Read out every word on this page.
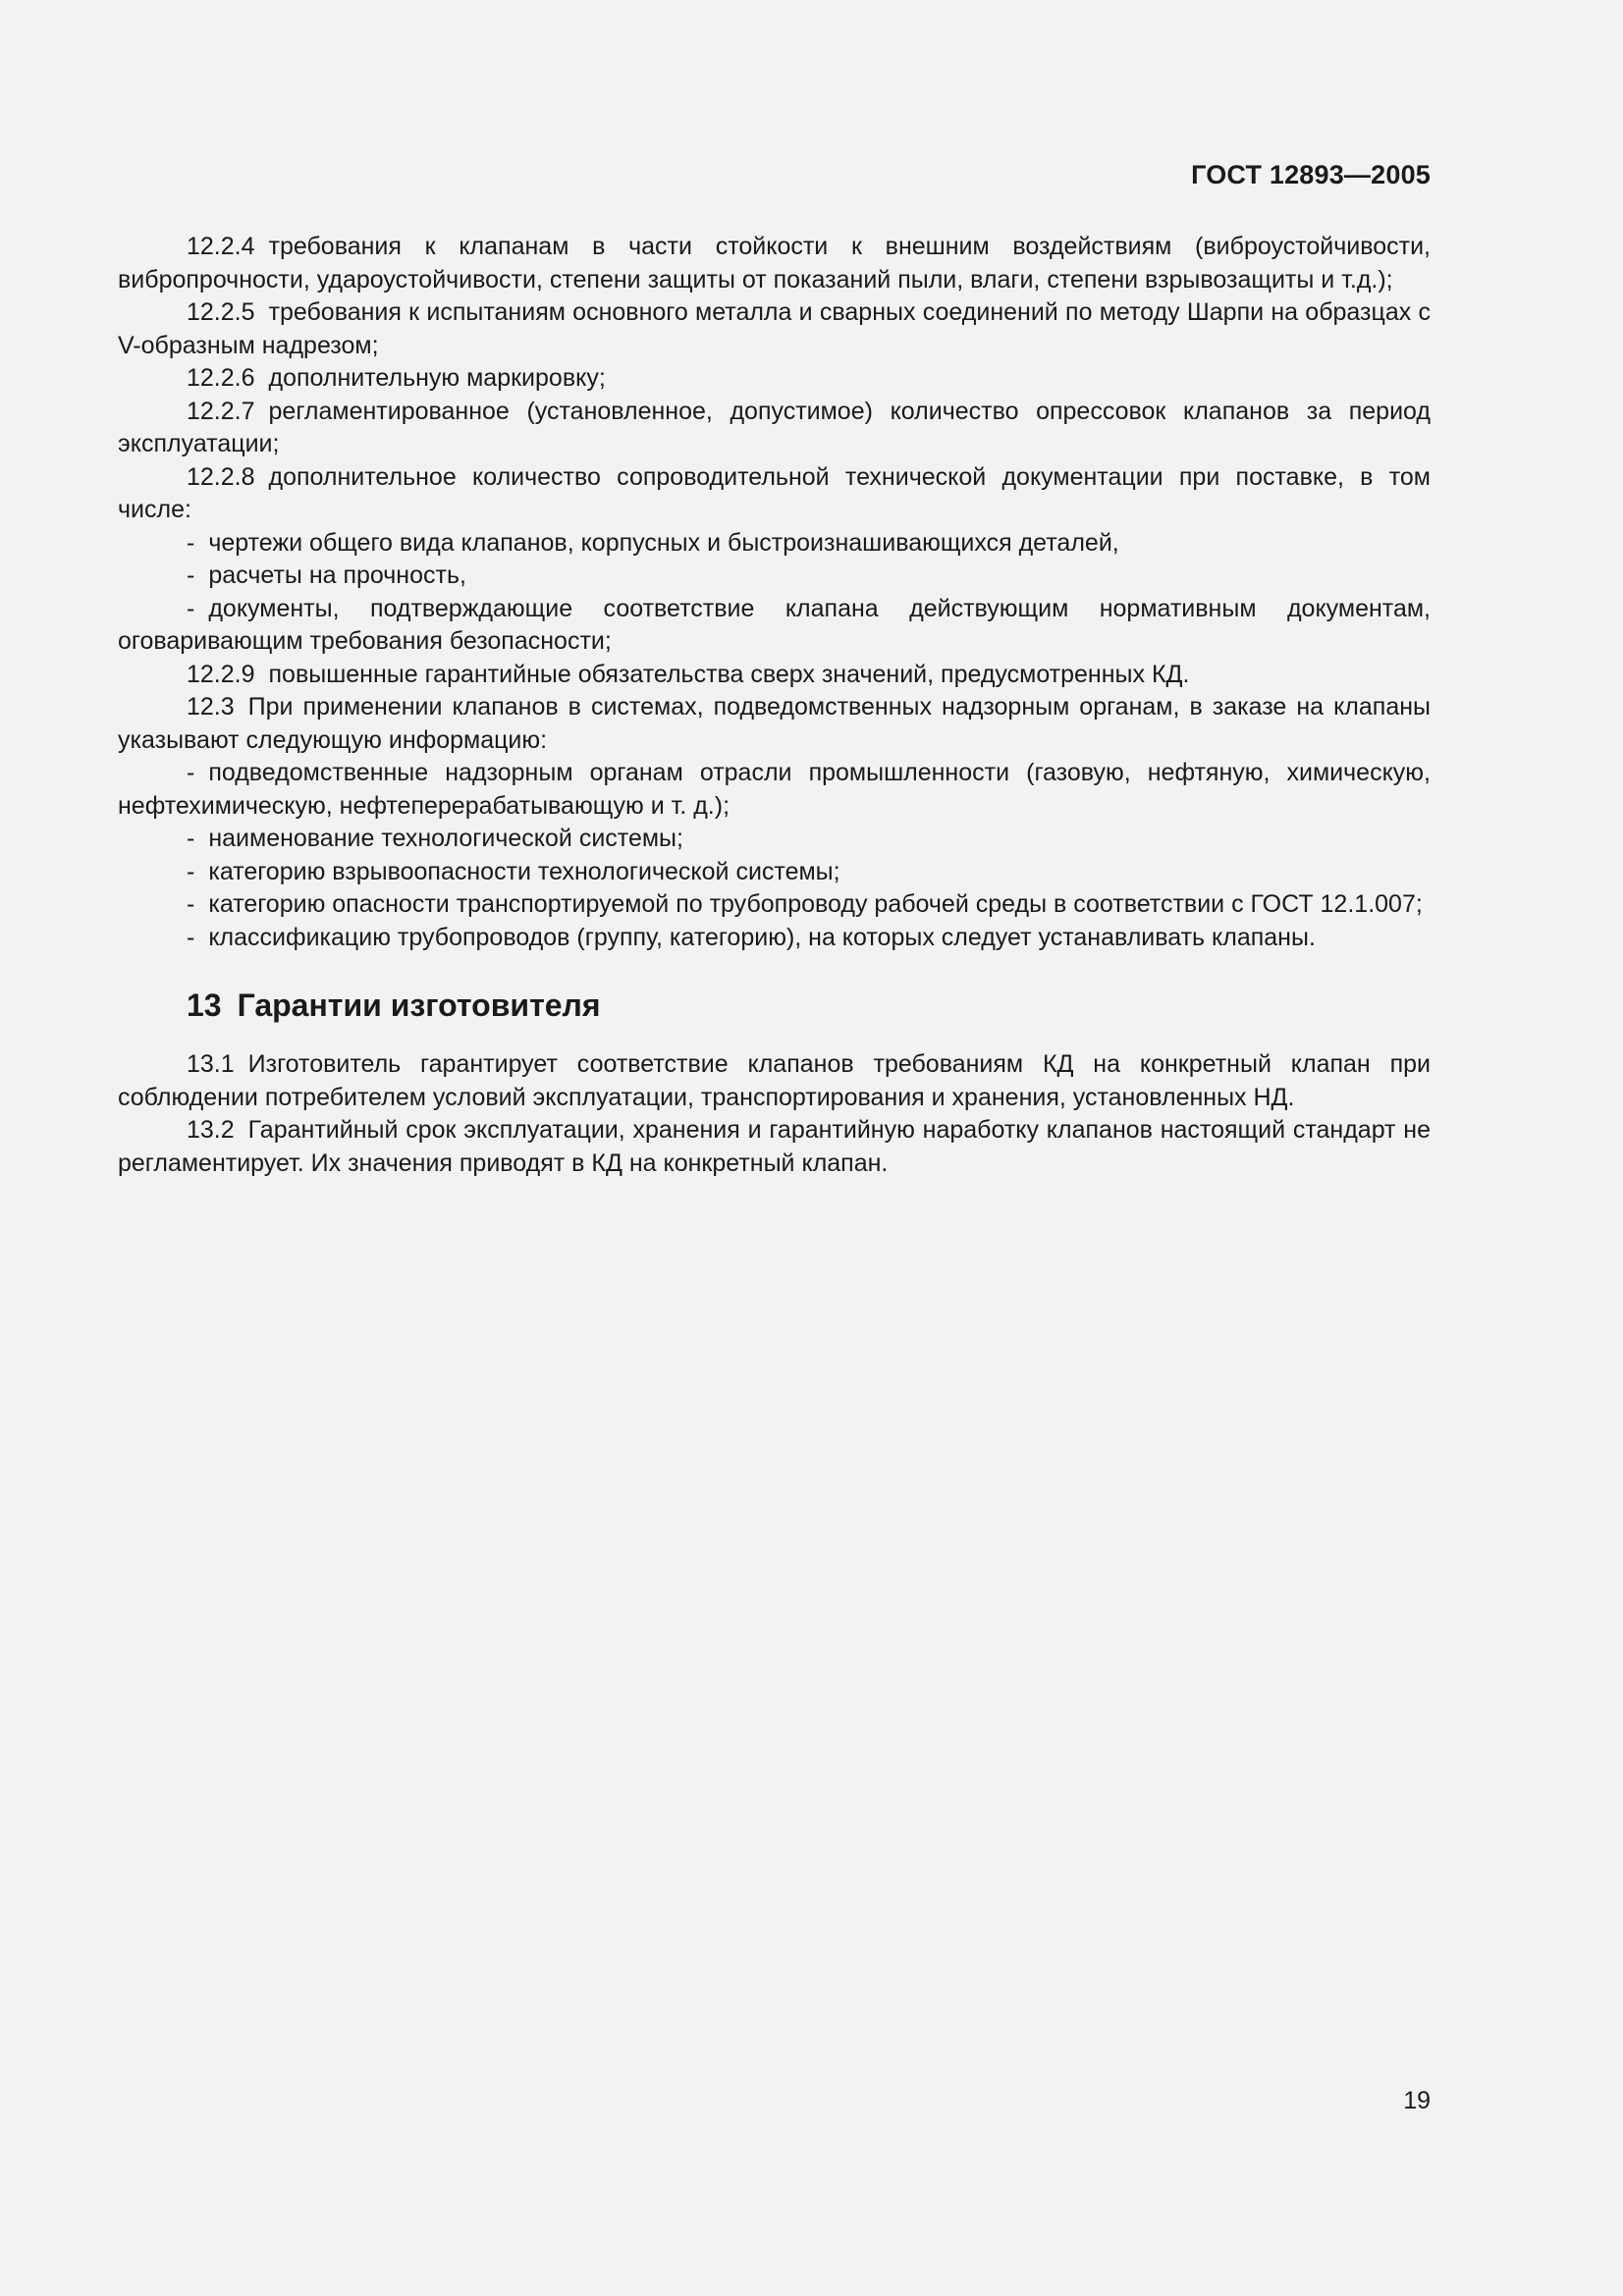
ГОСТ 12893—2005

12.2.4 требования к клапанам в части стойкости к внешним воздействиям (виброустойчивости, вибропрочности, удароустойчивости, степени защиты от показаний пыли, влаги, степени взрывозащиты и т.д.);

12.2.5 требования к испытаниям основного металла и сварных соединений по методу Шарпи на образцах с V-образным надрезом;

12.2.6 дополнительную маркировку;

12.2.7 регламентированное (установленное, допустимое) количество опрессовок клапанов за период эксплуатации;

12.2.8 дополнительное количество сопроводительной технической документации при поставке, в том числе:

- чертежи общего вида клапанов, корпусных и быстроизнашивающихся деталей,

- расчеты на прочность,

- документы, подтверждающие соответствие клапана действующим нормативным документам, оговаривающим требования безопасности;

12.2.9 повышенные гарантийные обязательства сверх значений, предусмотренных КД.

12.3 При применении клапанов в системах, подведомственных надзорным органам, в заказе на клапаны указывают следующую информацию:

- подведомственные надзорным органам отрасли промышленности (газовую, нефтяную, химическую, нефтехимическую, нефтеперерабатывающую и т. д.);

- наименование технологической системы;

- категорию взрывоопасности технологической системы;

- категорию опасности транспортируемой по трубопроводу рабочей среды в соответствии с ГОСТ 12.1.007;

- классификацию трубопроводов (группу, категорию), на которых следует устанавливать клапаны.

13 Гарантии изготовителя

13.1 Изготовитель гарантирует соответствие клапанов требованиям КД на конкретный клапан при соблюдении потребителем условий эксплуатации, транспортирования и хранения, установленных НД.

13.2 Гарантийный срок эксплуатации, хранения и гарантийную наработку клапанов настоящий стандарт не регламентирует. Их значения приводят в КД на конкретный клапан.

19
